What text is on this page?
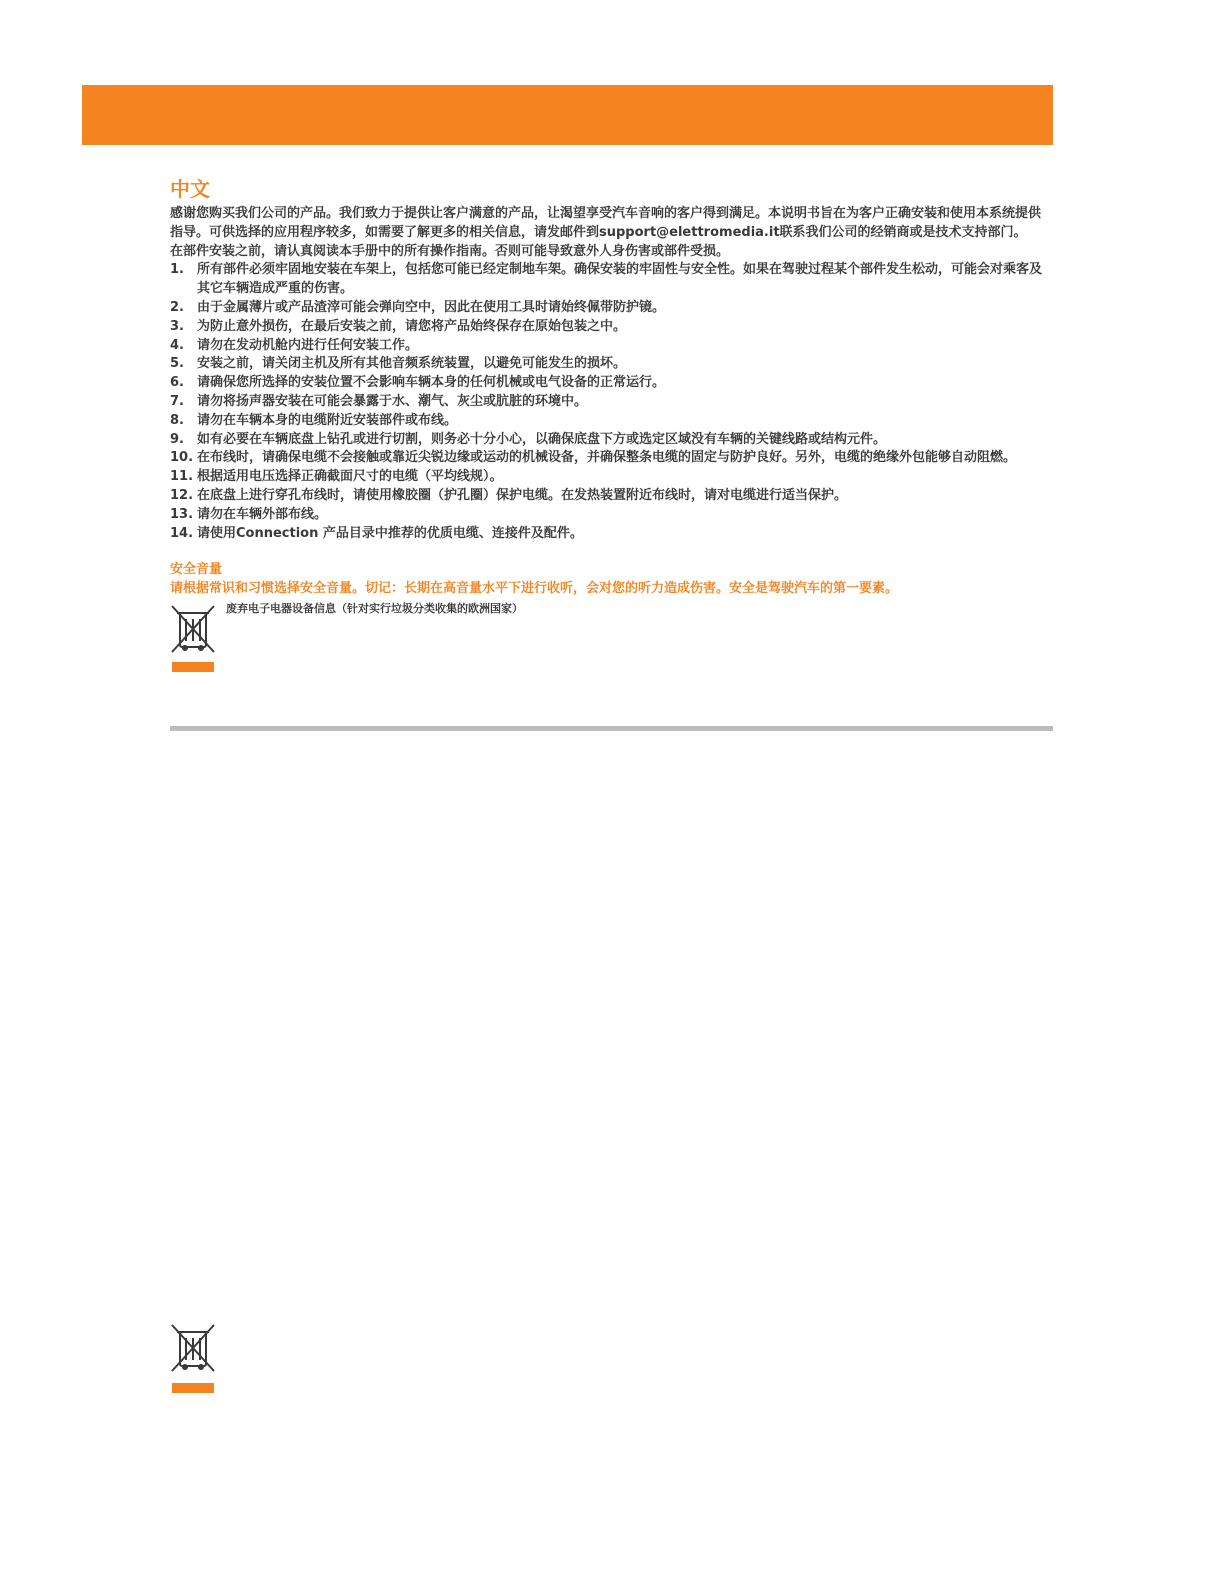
中文

感谢您购买我们公司的产品。我们致力于提供让客户满意的产品，让渴望享受汽车音响的客户得到满足。本说明书旨在为客户正确安装和使用本系统提供指导。可供选择的应用程序较多，如需要了解更多的相关信息，请发邮件到support@elettromedia.it联系我们公司的经销商或是技术支持部门。

在部件安装之前，请认真阅读本手册中的所有操作指南。否则可能导致意外人身伤害或部件受损。

1. 所有部件必须牢固地安装在车架上，包括您可能已经定制地车架。确保安装的牢固性与安全性。如果在驾驶过程某个部件发生松动，可能会对乘客及其它车辆造成严重的伤害。
2. 由于金属薄片或产品渣滓可能会弹向空中，因此在使用工具时请始终佩带防护镜。
3. 为防止意外损伤，在最后安装之前，请您将产品始终保存在原始包装之中。
4. 请勿在发动机舱内进行任何安装工作。
5. 安装之前，请关闭主机及所有其他音频系统装置，以避免可能发生的损坏。
6. 请确保您所选择的安装位置不会影响车辆本身的任何机械或电气设备的正常运行。
7. 请勿将扬声器安装在可能会暴露于水、潮气、灰尘或肮脏的环境中。
8. 请勿在车辆本身的电缆附近安装部件或布线。
9. 如有必要在车辆底盘上钻孔或进行切割，则务必十分小心，以确保底盘下方或选定区域没有车辆的关键线路或结构元件。
10. 在布线时，请确保电缆不会接触或靠近尖锐边缘或运动的机械设备，并确保整条电缆的固定与防护良好。另外，电缆的绝缘外包能够自动阻燃。
11. 根据适用电压选择正确截面尺寸的电缆（平均线规）。
12. 在底盘上进行穿孔布线时，请使用橡胶圈（护孔圈）保护电缆。在发热装置附近布线时，请对电缆进行适当保护。
13. 请勿在车辆外部布线。
14. 请使用Connection 产品目录中推荐的优质电缆、连接件及配件。

安全音量

请根据常识和习惯选择安全音量。切记：长期在高音量水平下进行收听，会对您的听力造成伤害。安全是驾驶汽车的第一要素。

废弃电子电器设备信息（针对实行垃圾分类收集的欧洲国家）
